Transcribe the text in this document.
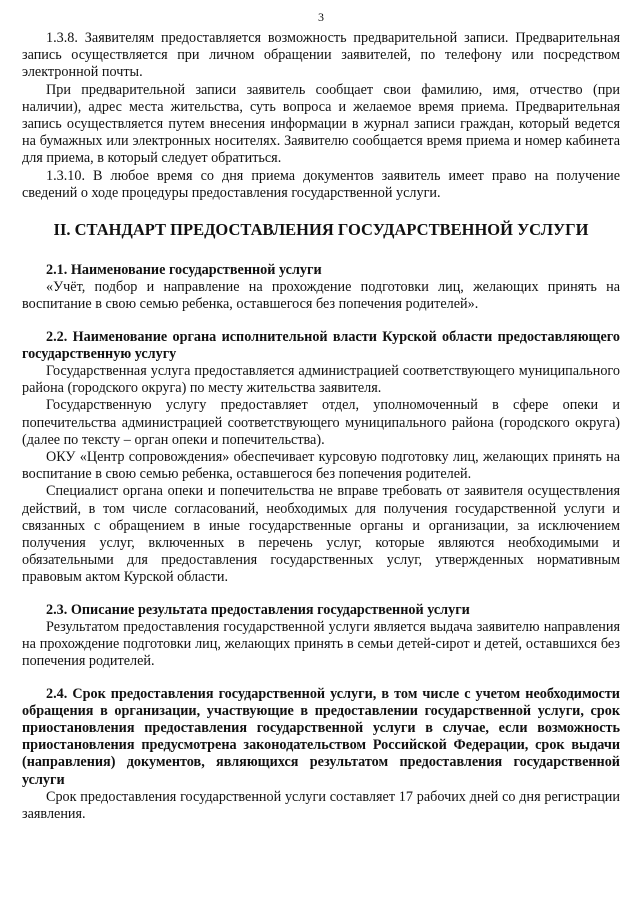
3

1.3.8. Заявителям предоставляется возможность предварительной записи. Предварительная запись осуществляется при личном обращении заявителей, по телефону или посредством электронной почты.

При предварительной записи заявитель сообщает свои фамилию, имя, отчество (при наличии), адрес места жительства, суть вопроса и желаемое время приема. Предварительная запись осуществляется путем внесения информации в журнал записи граждан, который ведется на бумажных или электронных носителях. Заявителю сообщается время приема и номер кабинета для приема, в который следует обратиться.

1.3.10. В любое время со дня приема документов заявитель имеет право на получение сведений о ходе процедуры предоставления государственной услуги.

II. СТАНДАРТ ПРЕДОСТАВЛЕНИЯ ГОСУДАРСТВЕННОЙ УСЛУГИ
2.1. Наименование государственной услуги

«Учёт, подбор и направление на прохождение подготовки лиц, желающих принять на воспитание в свою семью ребенка, оставшегося без попечения родителей».

2.2. Наименование органа исполнительной власти Курской области предоставляющего государственную услугу

Государственная услуга предоставляется администрацией соответствующего муниципального района (городского округа) по месту жительства заявителя.

Государственную услугу предоставляет отдел, уполномоченный в сфере опеки и попечительства администрацией соответствующего муниципального района (городского округа) (далее по тексту – орган опеки и попечительства).

ОКУ «Центр сопровождения» обеспечивает курсовую подготовку лиц, желающих принять на воспитание в свою семью ребенка, оставшегося без попечения родителей.

Специалист органа опеки и попечительства не вправе требовать от заявителя осуществления действий, в том числе согласований, необходимых для получения государственной услуги и связанных с обращением в иные государственные органы и организации, за исключением получения услуг, включенных в перечень услуг, которые являются необходимыми и обязательными для предоставления государственных услуг, утвержденных нормативным правовым актом Курской области.

2.3. Описание результата предоставления государственной услуги

Результатом предоставления государственной услуги является выдача заявителю направления на прохождение подготовки лиц, желающих принять в семьи детей-сирот и детей, оставшихся без попечения родителей.

2.4. Срок предоставления государственной услуги, в том числе с учетом необходимости обращения в организации, участвующие в предоставлении государственной услуги, срок приостановления предоставления государственной услуги в случае, если возможность приостановления предусмотрена законодательством Российской Федерации, срок выдачи (направления) документов, являющихся результатом предоставления государственной услуги

Срок предоставления государственной услуги составляет 17 рабочих дней со дня регистрации заявления.
